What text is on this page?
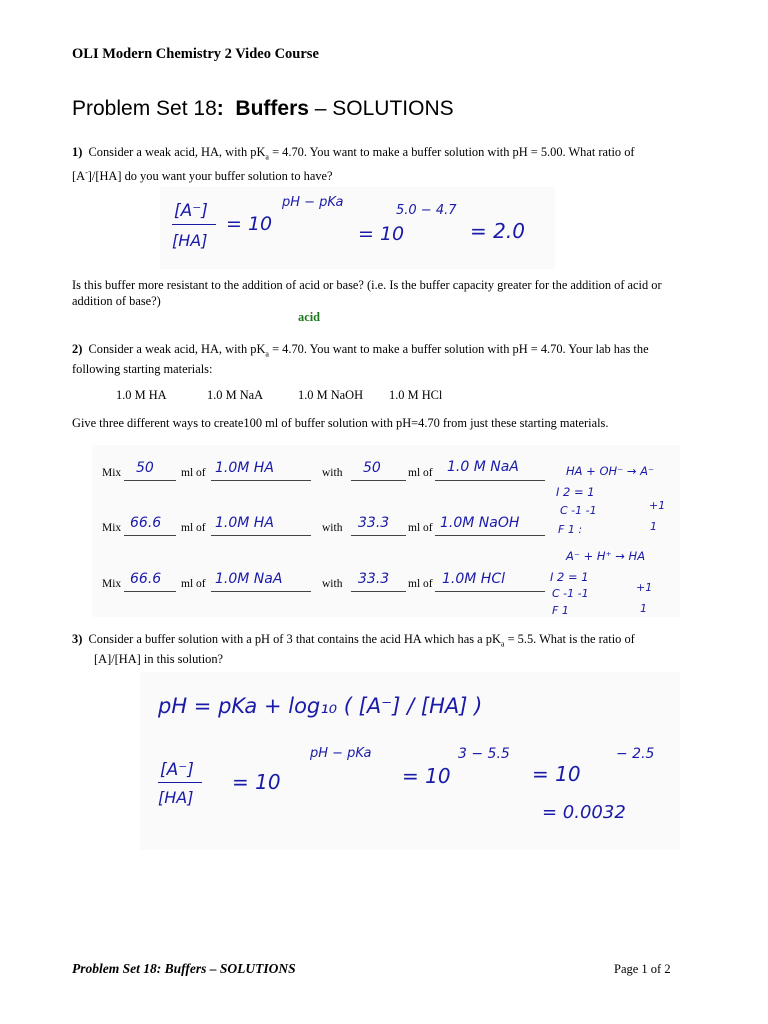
OLI Modern Chemistry 2 Video Course
Problem Set 18: Buffers – SOLUTIONS
1) Consider a weak acid, HA, with $pK_a = 4.70$. You want to make a buffer solution with pH = 5.00. What ratio of
[A-]/[HA] do you want your buffer solution to have?
[A⁻]
[HA]
= 10
pH − pKa
= 10
5.0 − 4.7
= 2.0
Is this buffer more resistant to the addition of acid or base? (i.e. Is the buffer capacity greater for the addition of acid or
addition of base?)
acid
2) Consider a weak acid, HA, with $pK_a = 4.70$. You want to make a buffer solution with pH = 4.70. Your lab has the
following starting materials:
1.0 M HA	1.0 M NaA	1.0 M NaOH 1.0 M HCl
Give three different ways to create100 ml of buffer solution with pH=4.70 from just these starting materials.
Mix 50 ml of 1.0M HA	with 50 ml of 1.0 M NaA
Mix 66.6 ml of 1.0M HA	with 33.3 ml of 1.0M NaOH
Mix 66.6 ml of 1.0M NaA	with 33.3 ml of 1.0M HCl
HA + OH⁻ → A⁻
I 2 = 1
C -1 -1	+1
F 1 :	1
A⁻ + H⁺ → HA
I 2 = 1
C -1 -1	+1
F 1	1
3) Consider a buffer solution with a pH of 3 that contains the acid HA which has a $pK_a = 5.5$. What is the ratio of
[A]/[HA] in this solution?
pH = pKa + log₁₀ ( [A⁻] / [HA] )
[A⁻]
[HA]
= 10
pH − pKa
= 10
3 − 5.5
= 10
− 2.5
= 0.0032
Problem Set 18: Buffers – SOLUTIONS	Page 1 of 2
